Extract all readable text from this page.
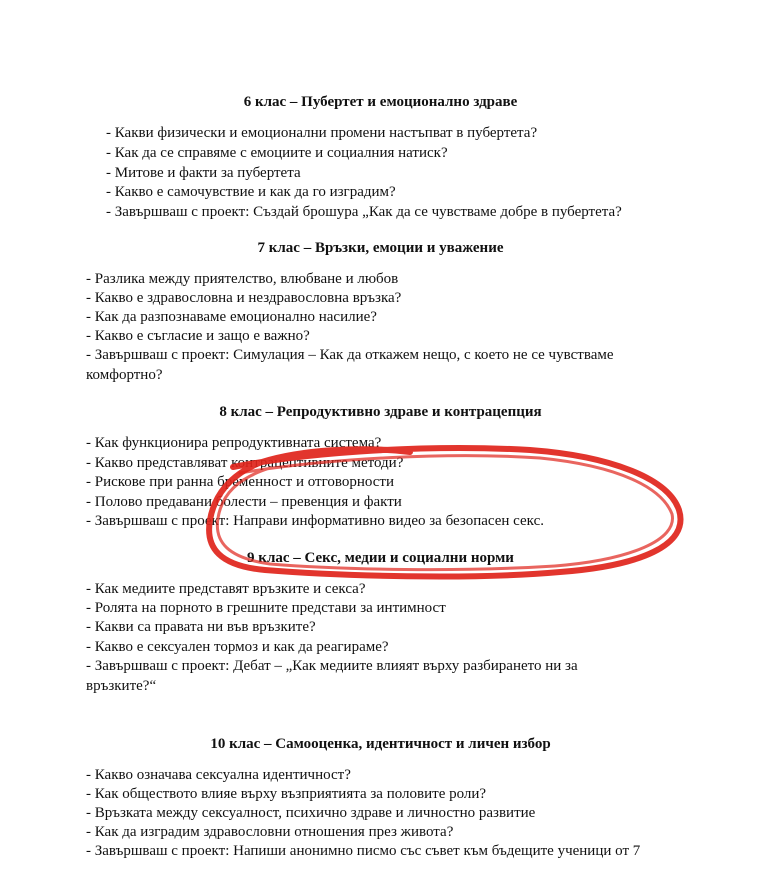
6 клас – Пубертет и емоционално здраве

- Какви физически и емоционални промени настъпват в пубертета?

- Как да се справяме с емоциите и социалния натиск?

- Митове и факти за пубертета

- Какво е самочувствие и как да го изградим?

- Завършваш с проект: Създай брошура „Как да се чувстваме добре в пубертета?

7 клас – Връзки, емоции и уважение

- Разлика между приятелство, влюбване и любов

- Какво е здравословна и нездравословна връзка?

- Как да разпознаваме емоционално насилие?

- Какво е съгласие и защо е важно?

- Завършваш с проект: Симулация – Как да откажем нещо, с което не се чувстваме

комфортно?

8 клас – Репродуктивно здраве и контрацепция

- Как функционира репродуктивната система?

- Какво представляват контрацептивните методи?

- Рискове при ранна бременност и отговорности

- Полово предавани болести – превенция и факти

- Завършваш с проект: Направи информативно видео за безопасен секс.

9 клас – Секс, медии и социални норми

- Как медиите представят връзките и секса?

- Ролята на порното в грешните представи за интимност

- Какви са правата ни във връзките?

- Какво е сексуален тормоз и как да реагираме?

- Завършваш с проект: Дебат – „Как медиите влияят върху разбирането ни за

връзките?“

10 клас – Самооценка, идентичност и личен избор

- Какво означава сексуална идентичност?

- Как обществото влияе върху възприятията за половите роли?

- Връзката между сексуалност, психично здраве и личностно развитие

- Как да изградим здравословни отношения през живота?

- Завършваш с проект: Напиши анонимно писмо със съвет към бъдещите ученици от 7
